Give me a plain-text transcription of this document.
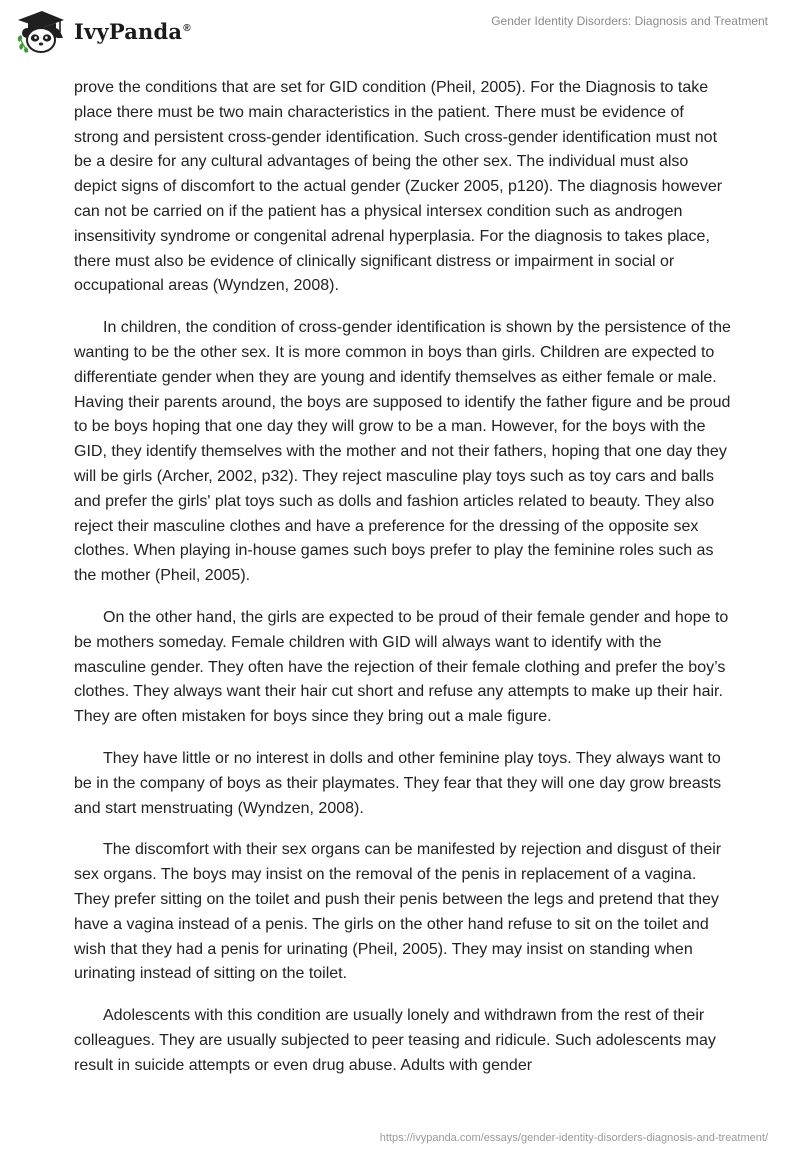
IvyPanda®	Gender Identity Disorders: Diagnosis and Treatment

prove the conditions that are set for GID condition (Pheil, 2005). For the Diagnosis to take place there must be two main characteristics in the patient. There must be evidence of strong and persistent cross-gender identification. Such cross-gender identification must not be a desire for any cultural advantages of being the other sex. The individual must also depict signs of discomfort to the actual gender (Zucker 2005, p120). The diagnosis however can not be carried on if the patient has a physical intersex condition such as androgen insensitivity syndrome or congenital adrenal hyperplasia. For the diagnosis to takes place, there must also be evidence of clinically significant distress or impairment in social or occupational areas (Wyndzen, 2008).

In children, the condition of cross-gender identification is shown by the persistence of the wanting to be the other sex. It is more common in boys than girls. Children are expected to differentiate gender when they are young and identify themselves as either female or male. Having their parents around, the boys are supposed to identify the father figure and be proud to be boys hoping that one day they will grow to be a man. However, for the boys with the GID, they identify themselves with the mother and not their fathers, hoping that one day they will be girls (Archer, 2002, p32). They reject masculine play toys such as toy cars and balls and prefer the girls' plat toys such as dolls and fashion articles related to beauty. They also reject their masculine clothes and have a preference for the dressing of the opposite sex clothes. When playing in-house games such boys prefer to play the feminine roles such as the mother (Pheil, 2005).

On the other hand, the girls are expected to be proud of their female gender and hope to be mothers someday. Female children with GID will always want to identify with the masculine gender. They often have the rejection of their female clothing and prefer the boy’s clothes. They always want their hair cut short and refuse any attempts to make up their hair. They are often mistaken for boys since they bring out a male figure.

They have little or no interest in dolls and other feminine play toys. They always want to be in the company of boys as their playmates. They fear that they will one day grow breasts and start menstruating (Wyndzen, 2008).

The discomfort with their sex organs can be manifested by rejection and disgust of their sex organs. The boys may insist on the removal of the penis in replacement of a vagina. They prefer sitting on the toilet and push their penis between the legs and pretend that they have a vagina instead of a penis. The girls on the other hand refuse to sit on the toilet and wish that they had a penis for urinating (Pheil, 2005). They may insist on standing when urinating instead of sitting on the toilet.

Adolescents with this condition are usually lonely and withdrawn from the rest of their colleagues. They are usually subjected to peer teasing and ridicule. Such adolescents may result in suicide attempts or even drug abuse. Adults with gender

https://ivypanda.com/essays/gender-identity-disorders-diagnosis-and-treatment/
